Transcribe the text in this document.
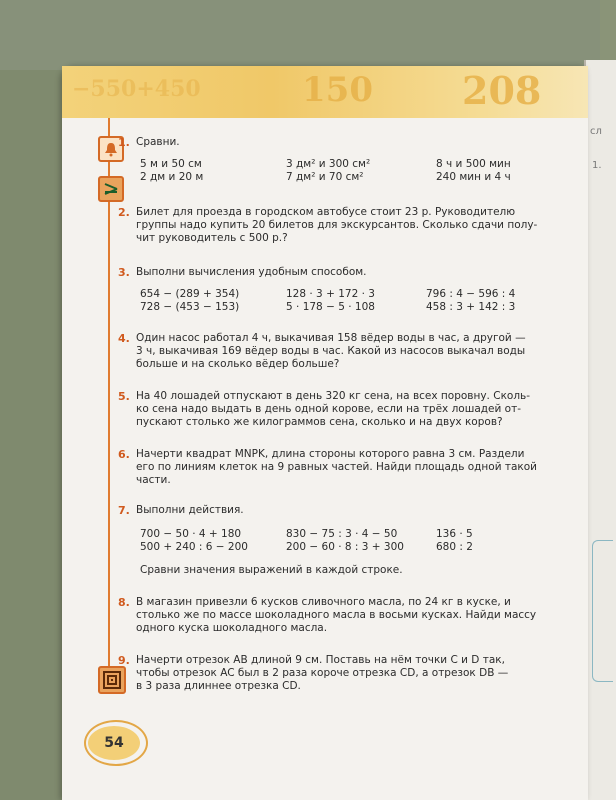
сл
1.
−550+450	150 208
1. Сравни.
5 м и 50 см
2 дм и 20 м
3 дм² и 300 см²
7 дм² и 70 см²
8 ч и 500 мин
240 мин и 4 ч
2. Билет для проезда в городском автобусе стоит 23 р. Руководителю
группы надо купить 20 билетов для экскурсантов. Сколько сдачи полу-
чит руководитель с 500 р.?
3. Выполни вычисления удобным способом.
654 − (289 + 354)
728 − (453 − 153)
128 · 3 + 172 · 3
5 · 178 − 5 · 108
796 : 4 − 596 : 4
458 : 3 + 142 : 3
4. Один насос работал 4 ч, выкачивая 158 вёдер воды в час, а другой —
3 ч, выкачивая 169 вёдер воды в час. Какой из насосов выкачал воды
больше и на сколько вёдер больше?
5. На 40 лошадей отпускают в день 320 кг сена, на всех поровну. Сколь-
ко сена надо выдать в день одной корове, если на трёх лошадей от-
пускают столько же килограммов сена, сколько и на двух коров?
6. Начерти квадрат MNPK, длина стороны которого равна 3 см. Раздели
его по линиям клеток на 9 равных частей. Найди площадь одной такой
части.
7. Выполни действия.
700 − 50 · 4 + 180
500 + 240 : 6 − 200
830 − 75 : 3 · 4 − 50
200 − 60 · 8 : 3 + 300
136 · 5
680 : 2
Сравни значения выражений в каждой строке.
8. В магазин привезли 6 кусков сливочного масла, по 24 кг в куске, и
столько же по массе шоколадного масла в восьми кусках. Найди массу
одного куска шоколадного масла.
9. Начерти отрезок AB длиной 9 см. Поставь на нём точки C и D так,
чтобы отрезок AC был в 2 раза короче отрезка CD, а отрезок DB —
в 3 раза длиннее отрезка CD.
54
